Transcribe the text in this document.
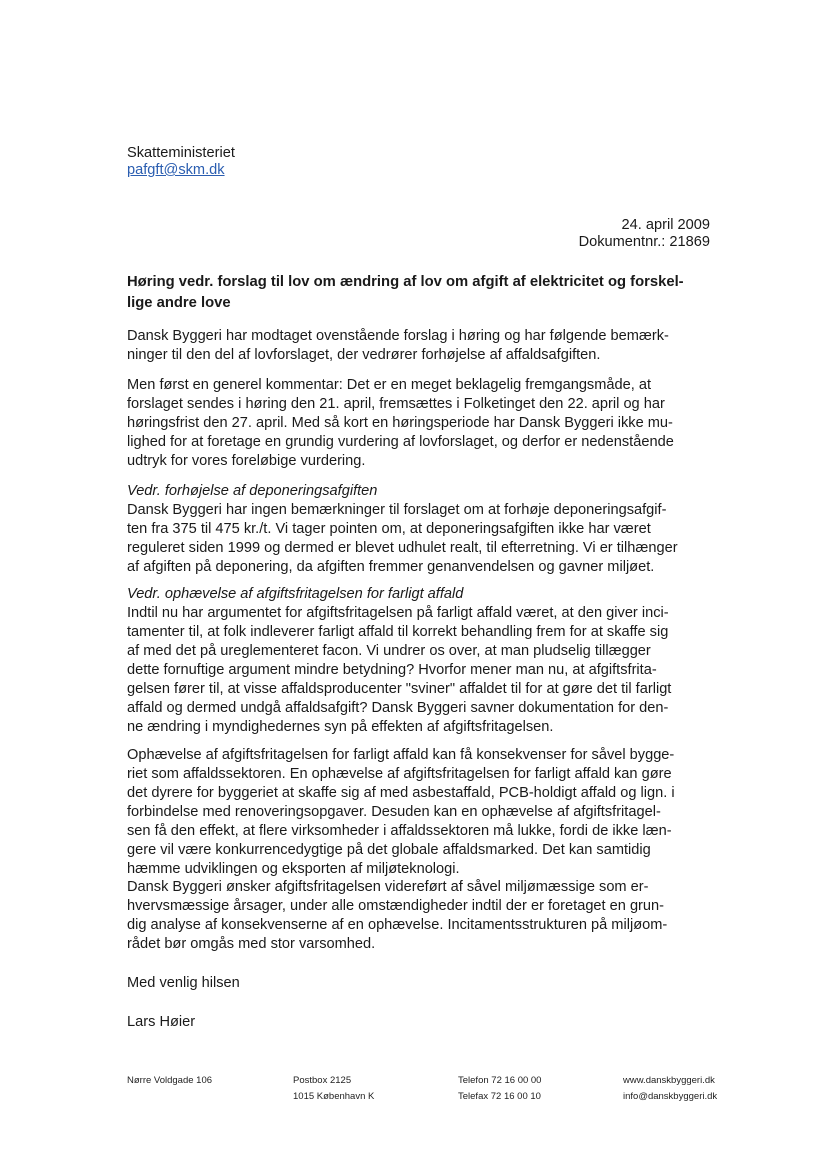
Skatteministeriet
pafgft@skm.dk
24. april 2009
Dokumentnr.: 21869
Høring vedr. forslag til lov om ændring af lov om afgift af elektricitet og forskel-
lige andre love
Dansk Byggeri har modtaget ovenstående forslag i høring og har følgende bemærk-
ninger til den del af lovforslaget, der vedrører forhøjelse af affaldsafgiften.
Men først en generel kommentar: Det er en meget beklagelig fremgangsmåde, at
forslaget sendes i høring den 21. april, fremsættes i Folketinget den 22. april og har
høringsfrist den 27. april. Med så kort en høringsperiode har Dansk Byggeri ikke mu-
lighed for at foretage en grundig vurdering af lovforslaget, og derfor er nedenstående
udtryk for vores foreløbige vurdering.
Vedr. forhøjelse af deponeringsafgiften
Dansk Byggeri har ingen bemærkninger til forslaget om at forhøje deponeringsafgif-
ten fra 375 til 475 kr./t. Vi tager pointen om, at deponeringsafgiften ikke har været
reguleret siden 1999 og dermed er blevet udhulet realt, til efterretning. Vi er tilhænger
af afgiften på deponering, da afgiften fremmer genanvendelsen og gavner miljøet.
Vedr. ophævelse af afgiftsfritagelsen for farligt affald
Indtil nu har argumentet for afgiftsfritagelsen på farligt affald været, at den giver inci-
tamenter til, at folk indleverer farligt affald til korrekt behandling frem for at skaffe sig
af med det på ureglementeret facon. Vi undrer os over, at man pludselig tillægger
dette fornuftige argument mindre betydning? Hvorfor mener man nu, at afgiftsfrita-
gelsen fører til, at visse affaldsproducenter "sviner" affaldet til for at gøre det til farligt
affald og dermed undgå affaldsafgift? Dansk Byggeri savner dokumentation for den-
ne ændring i myndighedernes syn på effekten af afgiftsfritagelsen.
Ophævelse af afgiftsfritagelsen for farligt affald kan få konsekvenser for såvel bygge-
riet som affaldssektoren. En ophævelse af afgiftsfritagelsen for farligt affald kan gøre
det dyrere for byggeriet at skaffe sig af med asbestaffald, PCB-holdigt affald og lign. i
forbindelse med renoveringsopgaver. Desuden kan en ophævelse af afgiftsfritagel-
sen få den effekt, at flere virksomheder i affaldssektoren må lukke, fordi de ikke læn-
gere vil være konkurrencedygtige på det globale affaldsmarked. Det kan samtidig
hæmme udviklingen og eksporten af miljøteknologi.
Dansk Byggeri ønsker afgiftsfritagelsen videreført af såvel miljømæssige som er-
hvervsmæssige årsager, under alle omstændigheder indtil der er foretaget en grun-
dig analyse af konsekvenserne af en ophævelse. Incitamentsstrukturen på miljøom-
rådet bør omgås med stor varsomhed.
Med venlig hilsen
Lars Høier
Nørre Voldgade 106	Postbox 2125
1015 København K
Telefon 72 16 00 00
Telefax 72 16 00 10
www.danskbyggeri.dk
info@danskbyggeri.dk
